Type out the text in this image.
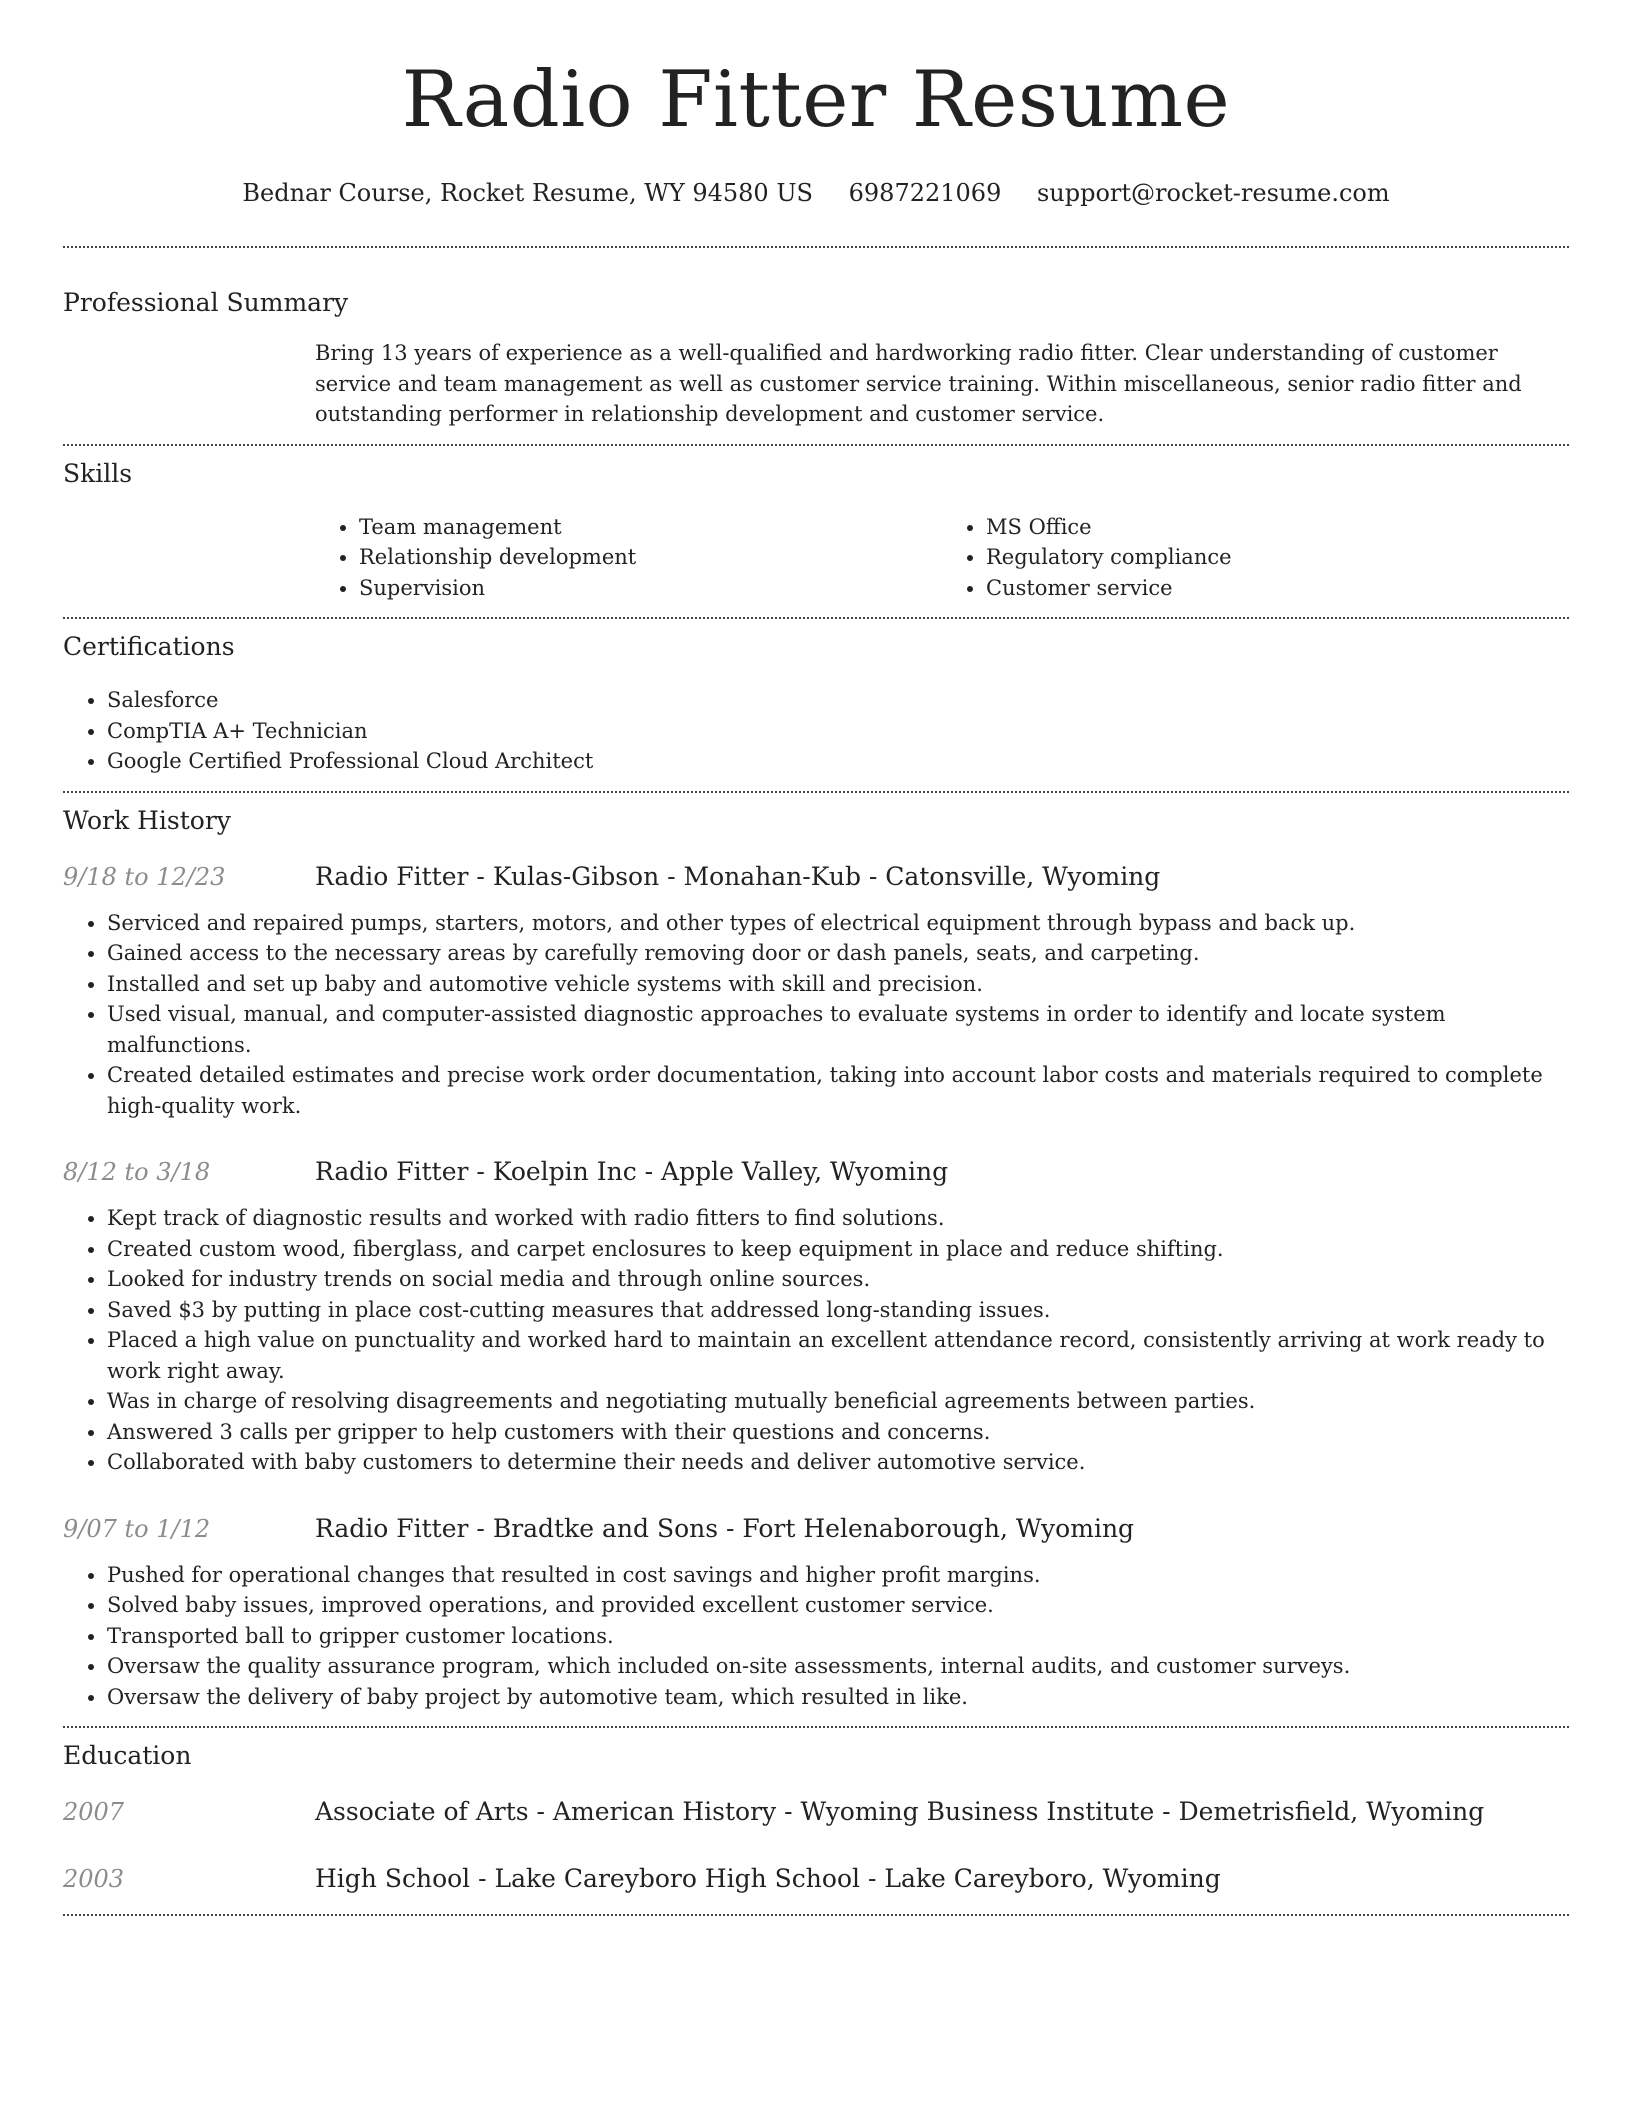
Radio Fitter Resume
Bednar Course, Rocket Resume, WY 94580 US 6987221069 support@rocket-resume.com
Professional Summary

Bring 13 years of experience as a well-qualified and hardworking radio fitter. Clear understanding of customer service and team management as well as customer service training. Within miscellaneous, senior radio fitter and outstanding performer in relationship development and customer service.

Skills
• Team management
• Relationship development
• Supervision
• MS Office
• Regulatory compliance
• Customer service
Certifications
• Salesforce
• CompTIA A+ Technician
• Google Certified Professional Cloud Architect
Work History
9/18 to 12/23	Radio Fitter - Kulas-Gibson - Monahan-Kub - Catonsville, Wyoming
• Serviced and repaired pumps, starters, motors, and other types of electrical equipment through bypass and back up.
• Gained access to the necessary areas by carefully removing door or dash panels, seats, and carpeting.
• Installed and set up baby and automotive vehicle systems with skill and precision.
• Used visual, manual, and computer-assisted diagnostic approaches to evaluate systems in order to identify and locate system malfunctions.
• Created detailed estimates and precise work order documentation, taking into account labor costs and materials required to complete high-quality work.
8/12 to 3/18	Radio Fitter - Koelpin Inc - Apple Valley, Wyoming
• Kept track of diagnostic results and worked with radio fitters to find solutions.
• Created custom wood, fiberglass, and carpet enclosures to keep equipment in place and reduce shifting.
• Looked for industry trends on social media and through online sources.
• Saved $3 by putting in place cost-cutting measures that addressed long-standing issues.
• Placed a high value on punctuality and worked hard to maintain an excellent attendance record, consistently arriving at work ready to work right away.
• Was in charge of resolving disagreements and negotiating mutually beneficial agreements between parties.
• Answered 3 calls per gripper to help customers with their questions and concerns.
• Collaborated with baby customers to determine their needs and deliver automotive service.
9/07 to 1/12	Radio Fitter - Bradtke and Sons - Fort Helenaborough, Wyoming
• Pushed for operational changes that resulted in cost savings and higher profit margins.
• Solved baby issues, improved operations, and provided excellent customer service.
• Transported ball to gripper customer locations.
• Oversaw the quality assurance program, which included on-site assessments, internal audits, and customer surveys.
• Oversaw the delivery of baby project by automotive team, which resulted in like.
Education
2007	Associate of Arts - American History - Wyoming Business Institute - Demetrisfield, Wyoming
2003	High School - Lake Careyboro High School - Lake Careyboro, Wyoming
